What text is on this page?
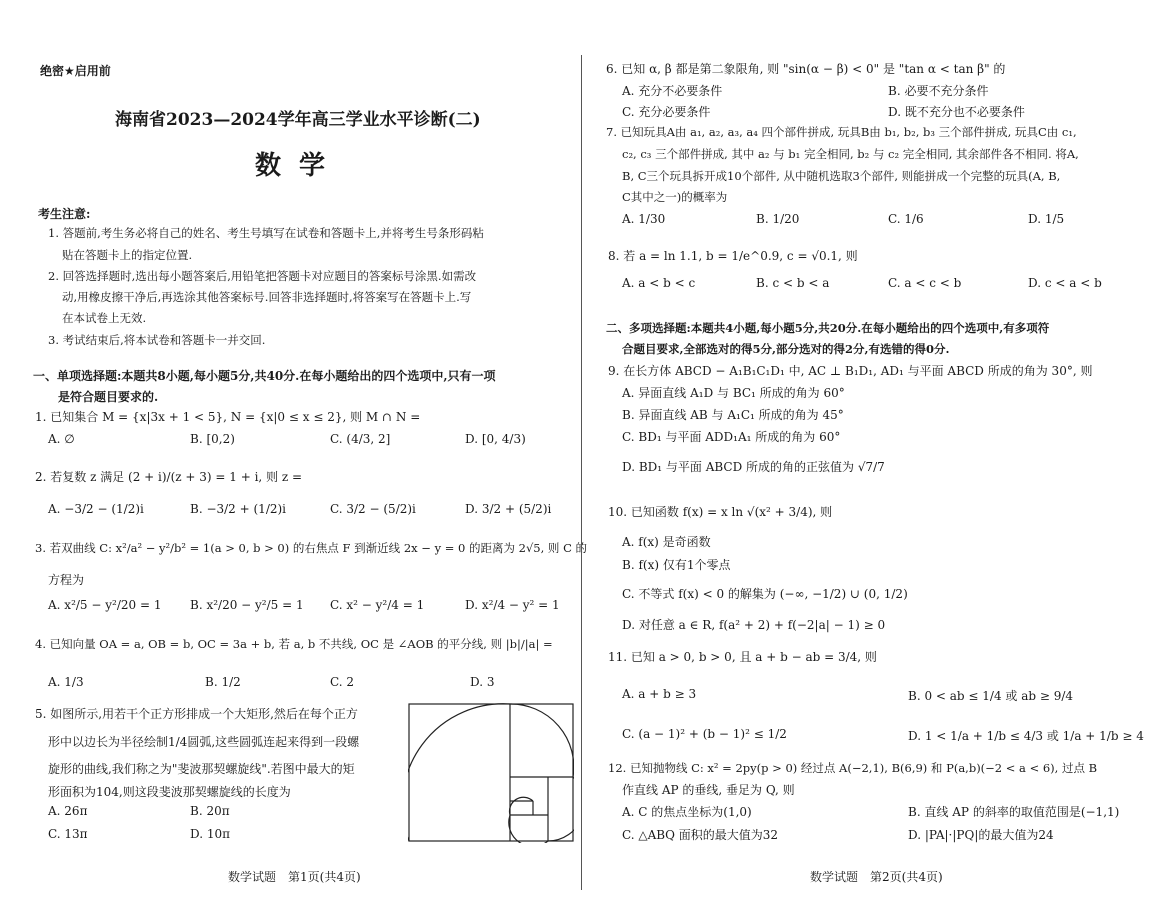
绝密★启用前
海南省2023—2024学年高三学业水平诊断(二)
数学
考生注意:
1. 答题前,考生务必将自己的姓名、考生号填写在试卷和答题卡上,并将考生号条形码粘
贴在答题卡上的指定位置.
2. 回答选择题时,选出每小题答案后,用铅笔把答题卡对应题目的答案标号涂黑.如需改
动,用橡皮擦干净后,再选涂其他答案标号.回答非选择题时,将答案写在答题卡上.写
在本试卷上无效.
3. 考试结束后,将本试卷和答题卡一并交回.
一、单项选择题:本题共8小题,每小题5分,共40分.在每小题给出的四个选项中,只有一项
是符合题目要求的.
1. 已知集合 M = {x|3x + 1 < 5}, N = {x|0 ≤ x ≤ 2}, 则 M ∩ N =
A. ∅	B. [0,2)	C. (4/3, 2]	D. [0, 4/3)
2. 若复数 z 满足 (2 + i)/(z + 3) = 1 + i, 则 z =
A. −3/2 − (1/2)i	B. −3/2 + (1/2)i	C. 3/2 − (5/2)i	D. 3/2 + (5/2)i
3. 若双曲线 C: x²/a² − y²/b² = 1(a > 0, b > 0) 的右焦点 F 到渐近线 2x − y = 0 的距离为 2√5, 则 C 的
方程为
A. x²/5 − y²/20 = 1 B. x²/20 − y²/5 = 1 C. x² − y²/4 = 1	D. x²/4 − y² = 1
4. 已知向量 OA = a, OB = b, OC = 3a + b, 若 a, b 不共线, OC 是 ∠AOB 的平分线, 则 |b|/|a| =
A. 1/3	B. 1/2	C. 2	D. 3
5. 如图所示,用若干个正方形排成一个大矩形,然后在每个正方
形中以边长为半径绘制1/4圆弧,这些圆弧连起来得到一段螺
旋形的曲线,我们称之为"斐波那契螺旋线".若图中最大的矩
形面积为104,则这段斐波那契螺旋线的长度为
A. 26π	B. 20π
C. 13π	D. 10π
数学试题　第1页(共4页)
6. 已知 α, β 都是第二象限角, 则 "sin(α − β) < 0" 是 "tan α < tan β" 的
A. 充分不必要条件	B. 必要不充分条件
C. 充分必要条件	D. 既不充分也不必要条件
7. 已知玩具A由 a₁, a₂, a₃, a₄ 四个部件拼成, 玩具B由 b₁, b₂, b₃ 三个部件拼成, 玩具C由 c₁,
c₂, c₃ 三个部件拼成, 其中 a₂ 与 b₁ 完全相同, b₂ 与 c₂ 完全相同, 其余部件各不相同. 将A,
B, C三个玩具拆开成10个部件, 从中随机选取3个部件, 则能拼成一个完整的玩具(A, B,
C其中之一)的概率为
A. 1/30	B. 1/20	C. 1/6	D. 1/5
8. 若 a = ln 1.1, b = 1/e^0.9, c = √0.1, 则
A. a < b < c	B. c < b < a	C. a < c < b	D. c < a < b
二、多项选择题:本题共4小题,每小题5分,共20分.在每小题给出的四个选项中,有多项符
合题目要求,全部选对的得5分,部分选对的得2分,有选错的得0分.
9. 在长方体 ABCD − A₁B₁C₁D₁ 中, AC ⊥ B₁D₁, AD₁ 与平面 ABCD 所成的角为 30°, 则
A. 异面直线 A₁D 与 BC₁ 所成的角为 60°
B. 异面直线 AB 与 A₁C₁ 所成的角为 45°
C. BD₁ 与平面 ADD₁A₁ 所成的角为 60°
D. BD₁ 与平面 ABCD 所成的角的正弦值为 √7/7
10. 已知函数 f(x) = x ln √(x² + 3/4), 则
A. f(x) 是奇函数
B. f(x) 仅有1个零点
C. 不等式 f(x) < 0 的解集为 (−∞, −1/2) ∪ (0, 1/2)
D. 对任意 a ∈ R, f(a² + 2) + f(−2|a| − 1) ≥ 0
11. 已知 a > 0, b > 0, 且 a + b − ab = 3/4, 则
A. a + b ≥ 3	B. 0 < ab ≤ 1/4 或 ab ≥ 9/4
C. (a − 1)² + (b − 1)² ≤ 1/2	D. 1 < 1/a + 1/b ≤ 4/3 或 1/a + 1/b ≥ 4
12. 已知抛物线 C: x² = 2py(p > 0) 经过点 A(−2,1), B(6,9) 和 P(a,b)(−2 < a < 6), 过点 B
作直线 AP 的垂线, 垂足为 Q, 则
A. C 的焦点坐标为(1,0)	B. 直线 AP 的斜率的取值范围是(−1,1)
C. △ABQ 面积的最大值为32	D. |PA|·|PQ|的最大值为24
数学试题　第2页(共4页)
